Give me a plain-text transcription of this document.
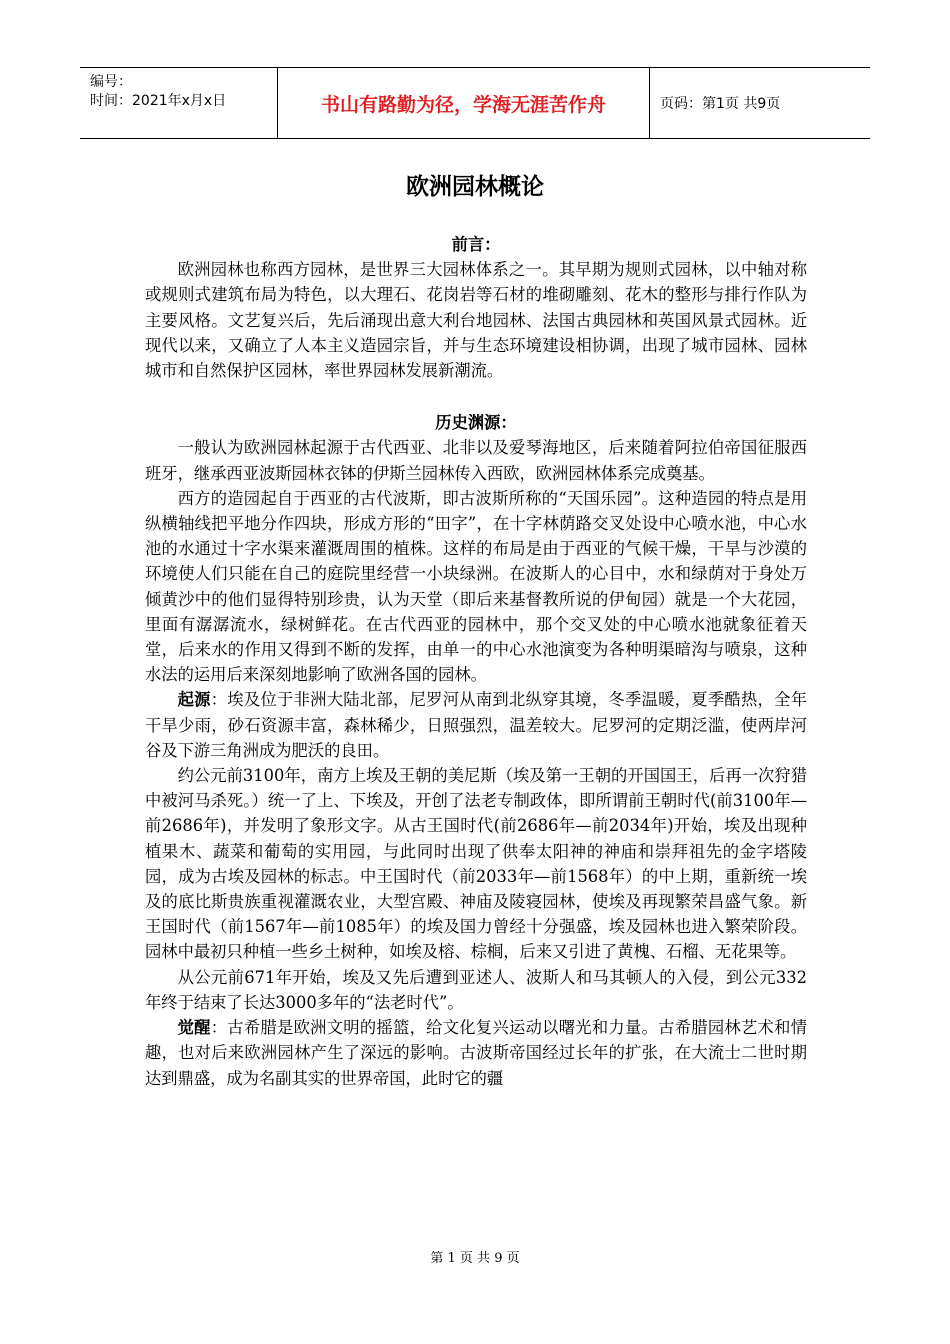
编号：
时间：2021年x月x日	书山有路勤为径，学海无涯苦作舟	页码：第1页 共9页
欧洲园林概论
前言：

欧洲园林也称西方园林，是世界三大园林体系之一。其早期为规则式园林，以中轴对称或规则式建筑布局为特色，以大理石、花岗岩等石材的堆砌雕刻、花木的整形与排行作队为主要风格。文艺复兴后，先后涌现出意大利台地园林、法国古典园林和英国风景式园林。近现代以来，又确立了人本主义造园宗旨，并与生态环境建设相协调，出现了城市园林、园林城市和自然保护区园林，率世界园林发展新潮流。

历史渊源：

一般认为欧洲园林起源于古代西亚、北非以及爱琴海地区，后来随着阿拉伯帝国征服西班牙，继承西亚波斯园林衣钵的伊斯兰园林传入西欧，欧洲园林体系完成奠基。

西方的造园起自于西亚的古代波斯，即古波斯所称的“天国乐园”。这种造园的特点是用纵横轴线把平地分作四块，形成方形的“田字”，在十字林荫路交叉处设中心喷水池，中心水池的水通过十字水渠来灌溉周围的植株。这样的布局是由于西亚的气候干燥，干旱与沙漠的环境使人们只能在自己的庭院里经营一小块绿洲。在波斯人的心目中，水和绿荫对于身处万倾黄沙中的他们显得特别珍贵，认为天堂（即后来基督教所说的伊甸园）就是一个大花园，里面有潺潺流水，绿树鲜花。在古代西亚的园林中，那个交叉处的中心喷水池就象征着天堂，后来水的作用又得到不断的发挥，由单一的中心水池演变为各种明渠暗沟与喷泉，这种水法的运用后来深刻地影响了欧洲各国的园林。

起源：埃及位于非洲大陆北部，尼罗河从南到北纵穿其境，冬季温暖，夏季酷热，全年干旱少雨，砂石资源丰富，森林稀少，日照强烈，温差较大。尼罗河的定期泛滥，使两岸河谷及下游三角洲成为肥沃的良田。

约公元前3100年，南方上埃及王朝的美尼斯（埃及第一王朝的开国国王，后再一次狩猎中被河马杀死。）统一了上、下埃及，开创了法老专制政体，即所谓前王朝时代(前3100年—前2686年)，并发明了象形文字。从古王国时代(前2686年—前2034年)开始，埃及出现种植果木、蔬菜和葡萄的实用园，与此同时出现了供奉太阳神的神庙和崇拜祖先的金字塔陵园，成为古埃及园林的标志。中王国时代（前2033年—前1568年）的中上期，重新统一埃及的底比斯贵族重视灌溉农业，大型宫殿、神庙及陵寝园林，使埃及再现繁荣昌盛气象。新王国时代（前1567年—前1085年）的埃及国力曾经十分强盛，埃及园林也进入繁荣阶段。园林中最初只种植一些乡土树种，如埃及榕、棕榈，后来又引进了黄槐、石榴、无花果等。

从公元前671年开始，埃及又先后遭到亚述人、波斯人和马其顿人的入侵，到公元332年终于结束了长达3000多年的“法老时代”。

觉醒：古希腊是欧洲文明的摇篮，给文化复兴运动以曙光和力量。古希腊园林艺术和情趣，也对后来欧洲园林产生了深远的影响。古波斯帝国经过长年的扩张，在大流士二世时期达到鼎盛，成为名副其实的世界帝国，此时它的疆

第 1 页 共 9 页
